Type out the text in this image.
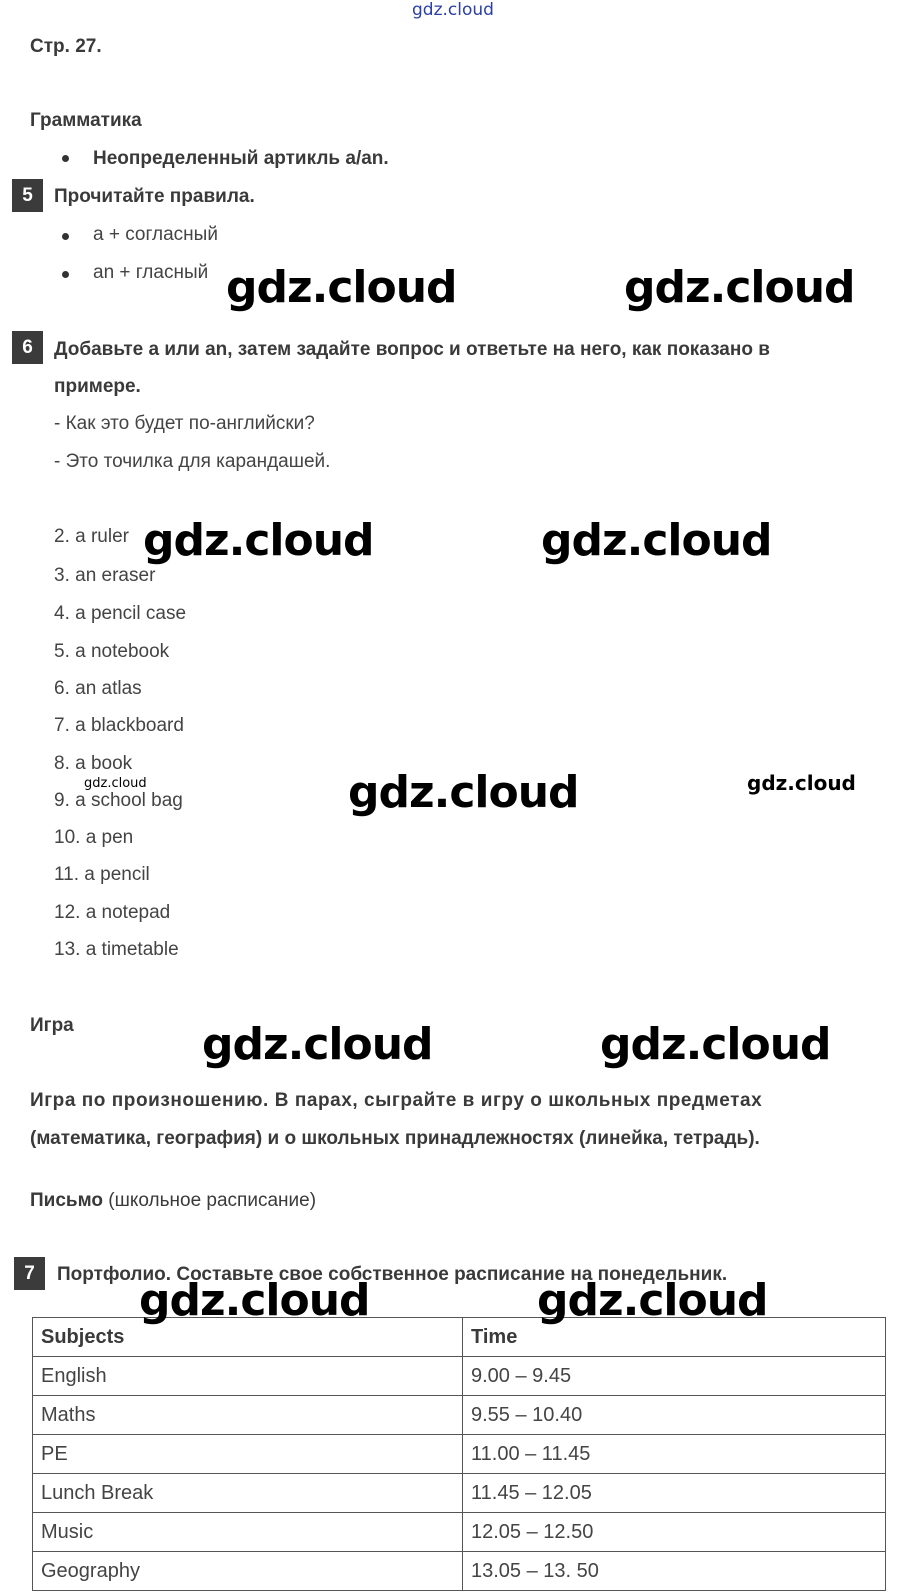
gdz.cloud
Стр. 27.
Грамматика
Неопределенный артикль a/an.
5	Прочитайте правила.
a + согласный
an + гласный
6	Добавьте a или an, затем задайте вопрос и ответьте на него, как показано в
примере.
- Как это будет по-английски?
- Это точилка для карандашей.
2. a ruler
3. an eraser
4. a pencil case
5. a notebook
6. an atlas
7. a blackboard
8. a book
9. a school bag
10. a pen
11. a pencil
12. a notepad
13. a timetable
Игра
Игра по произношению. В парах, сыграйте в игру о школьных предметах
(математика, география) и о школьных принадлежностях (линейка, тетрадь).
Письмо (школьное расписание)
7	Портфолио. Составьте свое собственное расписание на понедельник.
Subjects	Time
English	9.00 – 9.45
Maths	9.55 – 10.40
PE	11.00 – 11.45
Lunch Break	11.45 – 12.05
Music	12.05 – 12.50
Geography	13.05 – 13. 50
gdz.cloud	gdz.cloud
gdz.cloud	gdz.cloud
gdz.cloud	gdz.cloud
gdz.cloud
gdz.cloud	gdz.cloud
gdz.cloud	gdz.cloud
